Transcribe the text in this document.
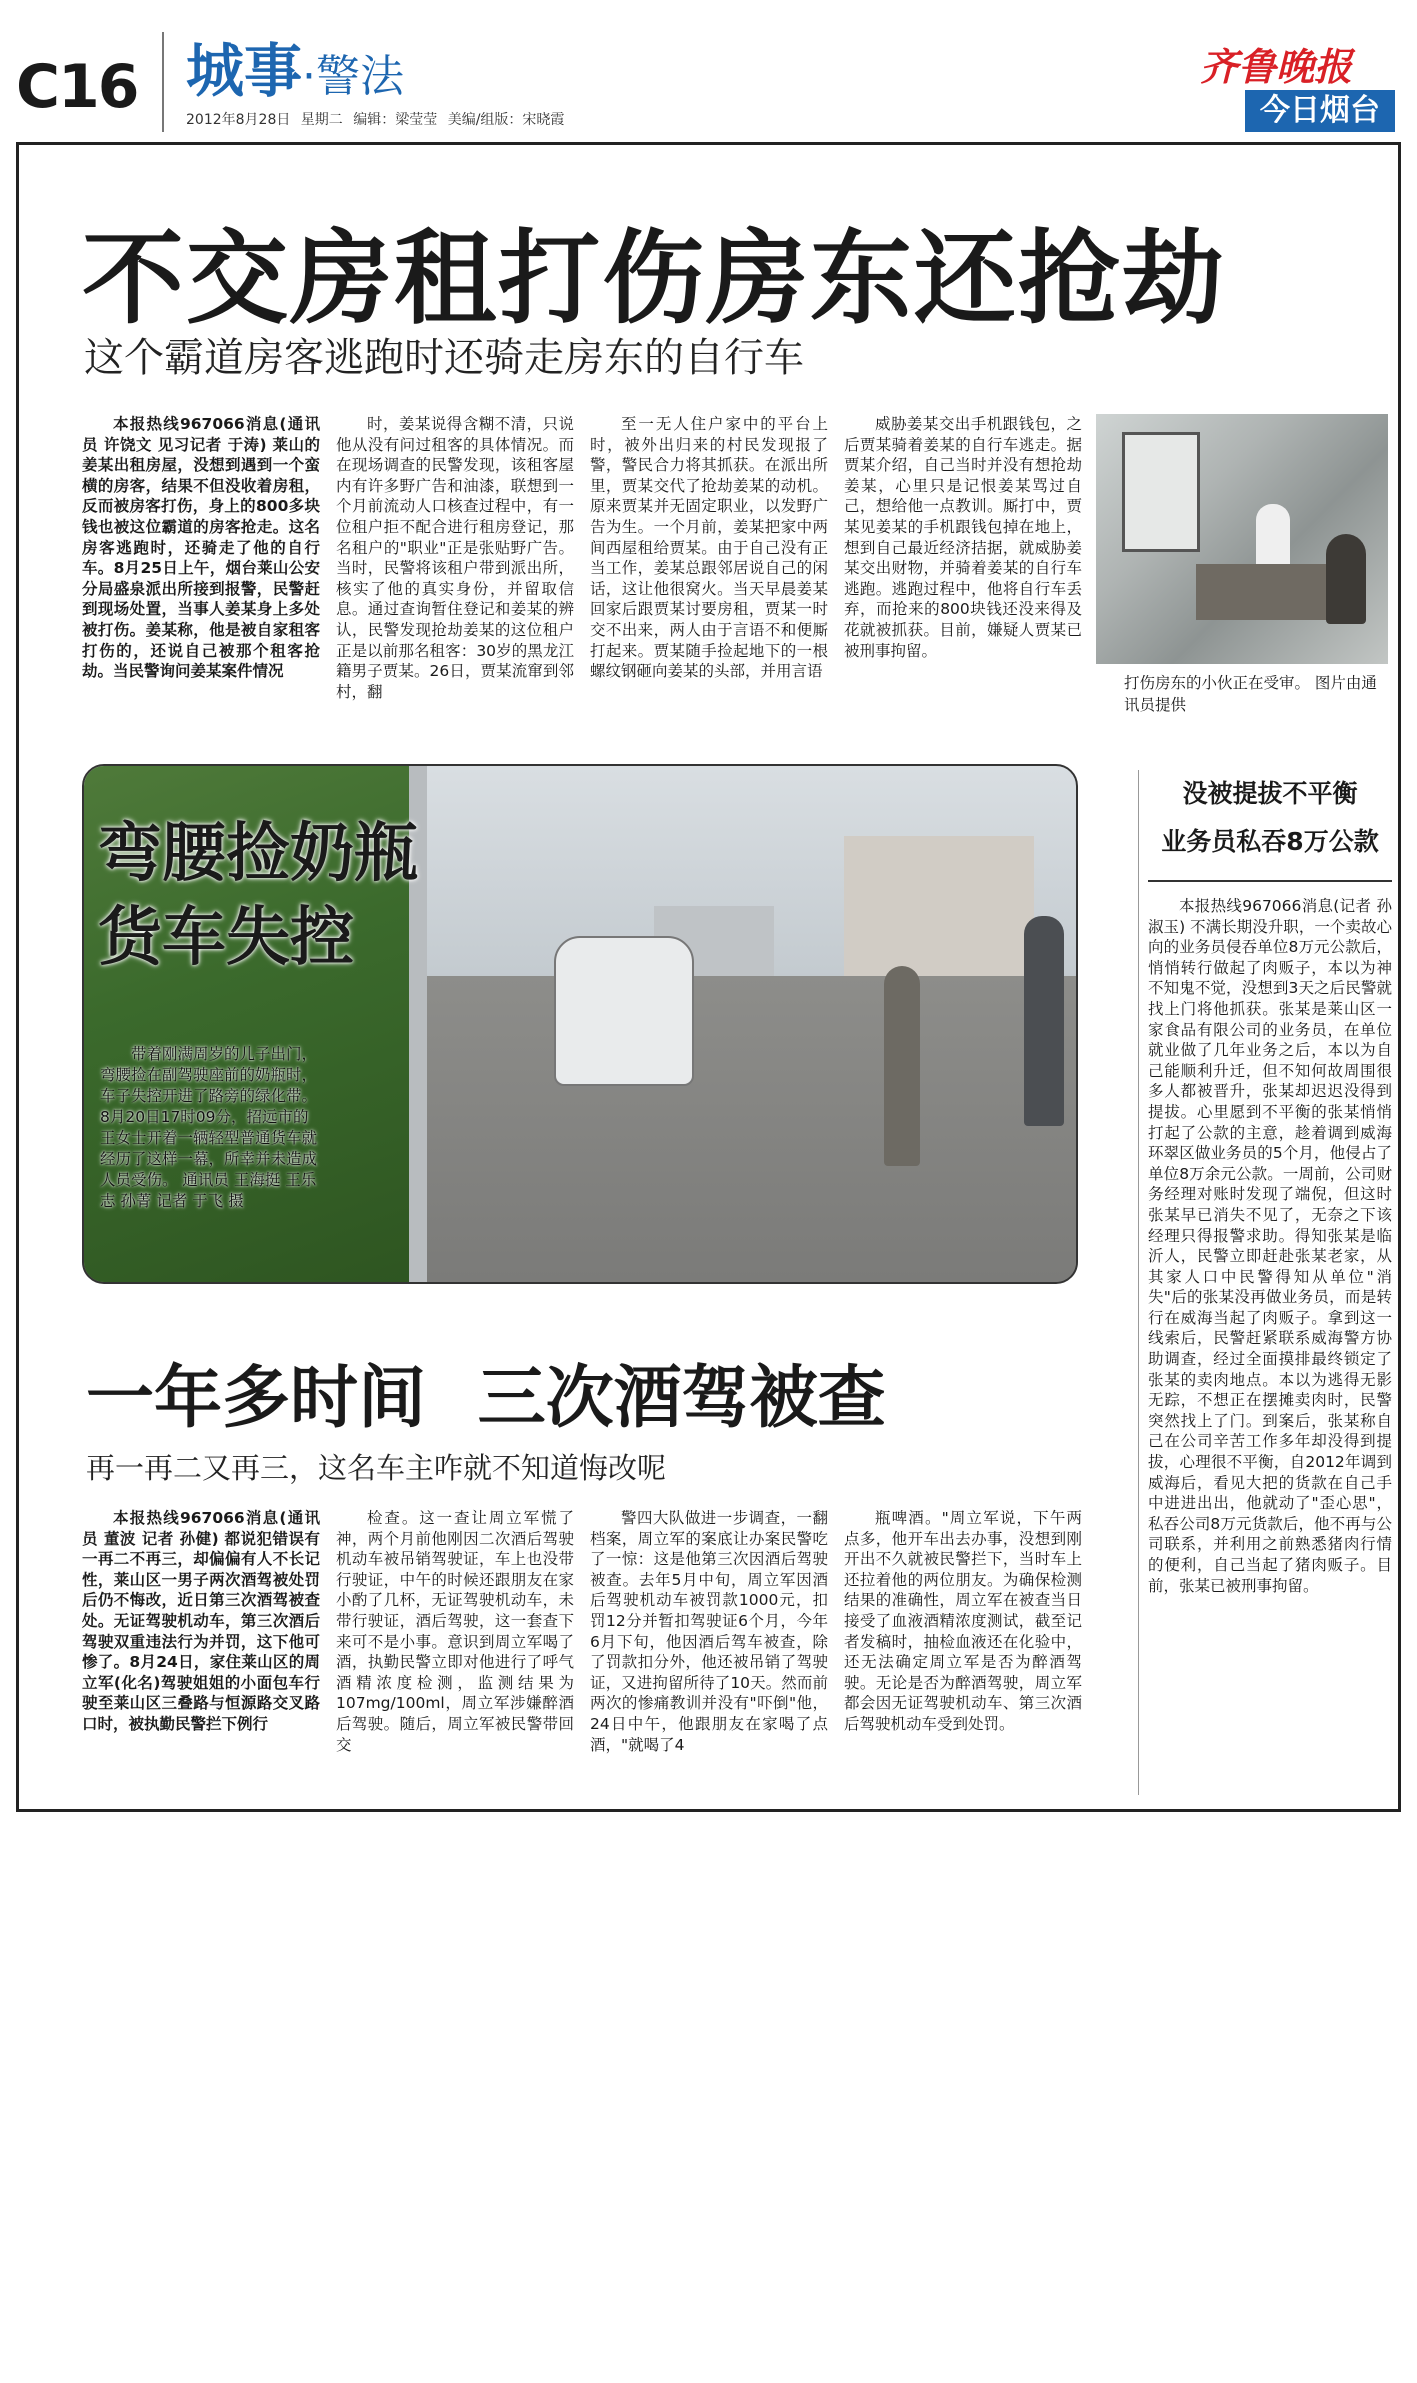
C16 城事·警法
2012年8月28日 星期二 编辑：梁莹莹 美编/组版：宋晓霞
齐鲁晚报
今日烟台
不交房租打伤房东还抢劫
这个霸道房客逃跑时还骑走房东的自行车

本报热线967066消息(通讯员 许饶文 见习记者 于涛) 莱山的姜某出租房屋，没想到遇到一个蛮横的房客，结果不但没收着房租，反而被房客打伤，身上的800多块钱也被这位霸道的房客抢走。这名房客逃跑时，还骑走了他的自行车。8月25日上午，烟台莱山公安分局盛泉派出所接到报警，民警赶到现场处置，当事人姜某身上多处被打伤。姜某称，他是被自家租客打伤的，还说自己被那个租客抢劫。当民警询问姜某案件情况

时，姜某说得含糊不清，只说他从没有问过租客的具体情况。而在现场调查的民警发现，该租客屋内有许多野广告和油漆，联想到一个月前流动人口核查过程中，有一位租户拒不配合进行租房登记，那名租户的"职业"正是张贴野广告。当时，民警将该租户带到派出所，核实了他的真实身份，并留取信息。通过查询暂住登记和姜某的辨认，民警发现抢劫姜某的这位租户正是以前那名租客：30岁的黑龙江籍男子贾某。26日，贾某流窜到邻村，翻

至一无人住户家中的平台上时，被外出归来的村民发现报了警，警民合力将其抓获。在派出所里，贾某交代了抢劫姜某的动机。原来贾某并无固定职业，以发野广告为生。一个月前，姜某把家中两间西屋租给贾某。由于自己没有正当工作，姜某总跟邻居说自己的闲话，这让他很窝火。当天早晨姜某回家后跟贾某讨要房租，贾某一时交不出来，两人由于言语不和便厮打起来。贾某随手捡起地下的一根螺纹钢砸向姜某的头部，并用言语

威胁姜某交出手机跟钱包，之后贾某骑着姜某的自行车逃走。据贾某介绍，自己当时并没有想抢劫姜某，心里只是记恨姜某骂过自己，想给他一点教训。厮打中，贾某见姜某的手机跟钱包掉在地上，想到自己最近经济拮据，就威胁姜某交出财物，并骑着姜某的自行车逃跑。逃跑过程中，他将自行车丢弃，而抢来的800块钱还没来得及花就被抓获。目前，嫌疑人贾某已被刑事拘留。

打伤房东的小伙正在受审。 图片由通讯员提供
弯腰捡奶瓶
货车失控
带着刚满周岁的儿子出门，弯腰捡在副驾驶座前的奶瓶时，车子失控开进了路旁的绿化带。8月20日17时09分，招远市的王女士开着一辆轻型普通货车就经历了这样一幕，所幸并未造成人员受伤。 通讯员 王海挺 王乐志 孙菁 记者 于飞 摄
没被提拔不平衡
业务员私吞8万公款

本报热线967066消息(记者 孙淑玉) 不满长期没升职，一个卖故心向的业务员侵吞单位8万元公款后，悄悄转行做起了肉贩子，本以为神不知鬼不觉，没想到3天之后民警就找上门将他抓获。张某是莱山区一家食品有限公司的业务员，在单位就业做了几年业务之后，本以为自己能顺利升迁，但不知何故周围很多人都被晋升，张某却迟迟没得到提拔。心里愿到不平衡的张某悄悄打起了公款的主意，趁着调到威海环翠区做业务员的5个月，他侵占了单位8万余元公款。一周前，公司财务经理对账时发现了端倪，但这时张某早已消失不见了，无奈之下该经理只得报警求助。得知张某是临沂人，民警立即赶赴张某老家，从其家人口中民警得知从单位"消失"后的张某没再做业务员，而是转行在威海当起了肉贩子。拿到这一线索后，民警赶紧联系威海警方协助调查，经过全面摸排最终锁定了张某的卖肉地点。本以为逃得无影无踪，不想正在摆摊卖肉时，民警突然找上了门。到案后，张某称自己在公司辛苦工作多年却没得到提拔，心理很不平衡，自2012年调到威海后，看见大把的货款在自己手中进进出出，他就动了"歪心思"，私吞公司8万元货款后，他不再与公司联系，并利用之前熟悉猪肉行情的便利，自己当起了猪肉贩子。目前，张某已被刑事拘留。

一年多时间 三次酒驾被查
再一再二又再三，这名车主咋就不知道悔改呢

本报热线967066消息(通讯员 董波 记者 孙健) 都说犯错误有一再二不再三，却偏偏有人不长记性，莱山区一男子两次酒驾被处罚后仍不悔改，近日第三次酒驾被查处。无证驾驶机动车，第三次酒后驾驶双重违法行为并罚，这下他可惨了。8月24日，家住莱山区的周立军(化名)驾驶姐姐的小面包车行驶至莱山区三叠路与恒源路交叉路口时，被执勤民警拦下例行

检查。这一查让周立军慌了神，两个月前他刚因二次酒后驾驶机动车被吊销驾驶证，车上也没带行驶证，中午的时候还跟朋友在家小酌了几杯，无证驾驶机动车，未带行驶证，酒后驾驶，这一套查下来可不是小事。意识到周立军喝了酒，执勤民警立即对他进行了呼气酒精浓度检测，监测结果为107mg/100ml，周立军涉嫌醉酒后驾驶。随后，周立军被民警带回交

警四大队做进一步调查，一翻档案，周立军的案底让办案民警吃了一惊：这是他第三次因酒后驾驶被查。去年5月中旬，周立军因酒后驾驶机动车被罚款1000元，扣罚12分并暂扣驾驶证6个月，今年6月下旬，他因酒后驾车被查，除了罚款扣分外，他还被吊销了驾驶证，又进拘留所待了10天。然而前两次的惨痛教训并没有"吓倒"他，24日中午，他跟朋友在家喝了点酒，"就喝了4

瓶啤酒。"周立军说，下午两点多，他开车出去办事，没想到刚开出不久就被民警拦下，当时车上还拉着他的两位朋友。为确保检测结果的准确性，周立军在被查当日接受了血液酒精浓度测试，截至记者发稿时，抽检血液还在化验中，还无法确定周立军是否为醉酒驾驶。无论是否为醉酒驾驶，周立军都会因无证驾驶机动车、第三次酒后驾驶机动车受到处罚。
